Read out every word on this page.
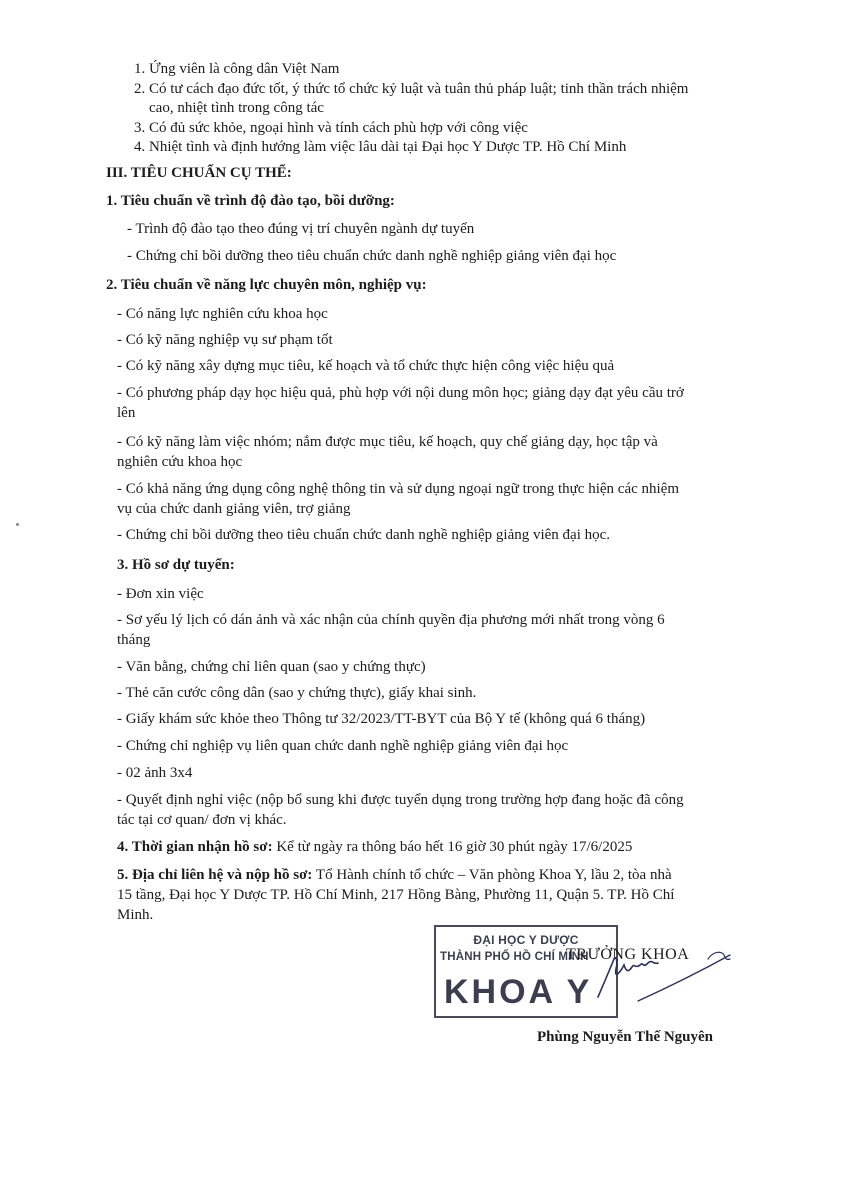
1. Ứng viên là công dân Việt Nam

2. Có tư cách đạo đức tốt, ý thức tổ chức kỷ luật và tuân thủ pháp luật; tinh thần trách nhiệm

cao, nhiệt tình trong công tác

3. Có đủ sức khỏe, ngoại hình và tính cách phù hợp với công việc

4. Nhiệt tình và định hướng làm việc lâu dài tại Đại học Y Dược TP. Hồ Chí Minh

III. TIÊU CHUẨN CỤ THỂ:

1. Tiêu chuẩn về trình độ đào tạo, bồi dưỡng:

- Trình độ đào tạo theo đúng vị trí chuyên ngành dự tuyển

- Chứng chỉ bồi dưỡng theo tiêu chuẩn chức danh nghề nghiệp giảng viên đại học

2. Tiêu chuẩn về năng lực chuyên môn, nghiệp vụ:

- Có năng lực nghiên cứu khoa học

- Có kỹ năng nghiệp vụ sư phạm tốt

- Có kỹ năng xây dựng mục tiêu, kế hoạch và tổ chức thực hiện công việc hiệu quả

- Có phương pháp dạy học hiệu quả, phù hợp với nội dung môn học; giảng dạy đạt yêu cầu trở

lên

- Có kỹ năng làm việc nhóm; nắm được mục tiêu, kế hoạch, quy chế giảng dạy, học tập và

nghiên cứu khoa học

- Có khả năng ứng dụng công nghệ thông tin và sử dụng ngoại ngữ trong thực hiện các nhiệm

vụ của chức danh giảng viên, trợ giảng

- Chứng chỉ bồi dưỡng theo tiêu chuẩn chức danh nghề nghiệp giảng viên đại học.

3. Hồ sơ dự tuyển:

- Đơn xin việc

- Sơ yếu lý lịch có dán ảnh và xác nhận của chính quyền địa phương mới nhất trong vòng 6

tháng

- Văn bằng, chứng chỉ liên quan (sao y chứng thực)

- Thẻ căn cước công dân (sao y chứng thực), giấy khai sinh.

- Giấy khám sức khỏe theo Thông tư 32/2023/TT-BYT của Bộ Y tế (không quá 6 tháng)

- Chứng chỉ nghiệp vụ liên quan chức danh nghề nghiệp giảng viên đại học

- 02 ảnh 3x4

- Quyết định nghỉ việc (nộp bổ sung khi được tuyển dụng trong trường hợp đang hoặc đã công

tác tại cơ quan/ đơn vị khác.

4. Thời gian nhận hồ sơ: Kể từ ngày ra thông báo hết 16 giờ 30 phút ngày 17/6/2025

5. Địa chỉ liên hệ và nộp hồ sơ: Tổ Hành chính tổ chức – Văn phòng Khoa Y, lầu 2, tòa nhà

15 tầng, Đại học Y Dược TP. Hồ Chí Minh, 217 Hồng Bàng, Phường 11, Quận 5. TP. Hồ Chí

Minh.

ĐẠI HỌC Y DƯỢC
THÀNH PHỐ HỒ CHÍ MINH
KHOA Y

TRƯỞNG KHOA

Phùng Nguyễn Thế Nguyên
